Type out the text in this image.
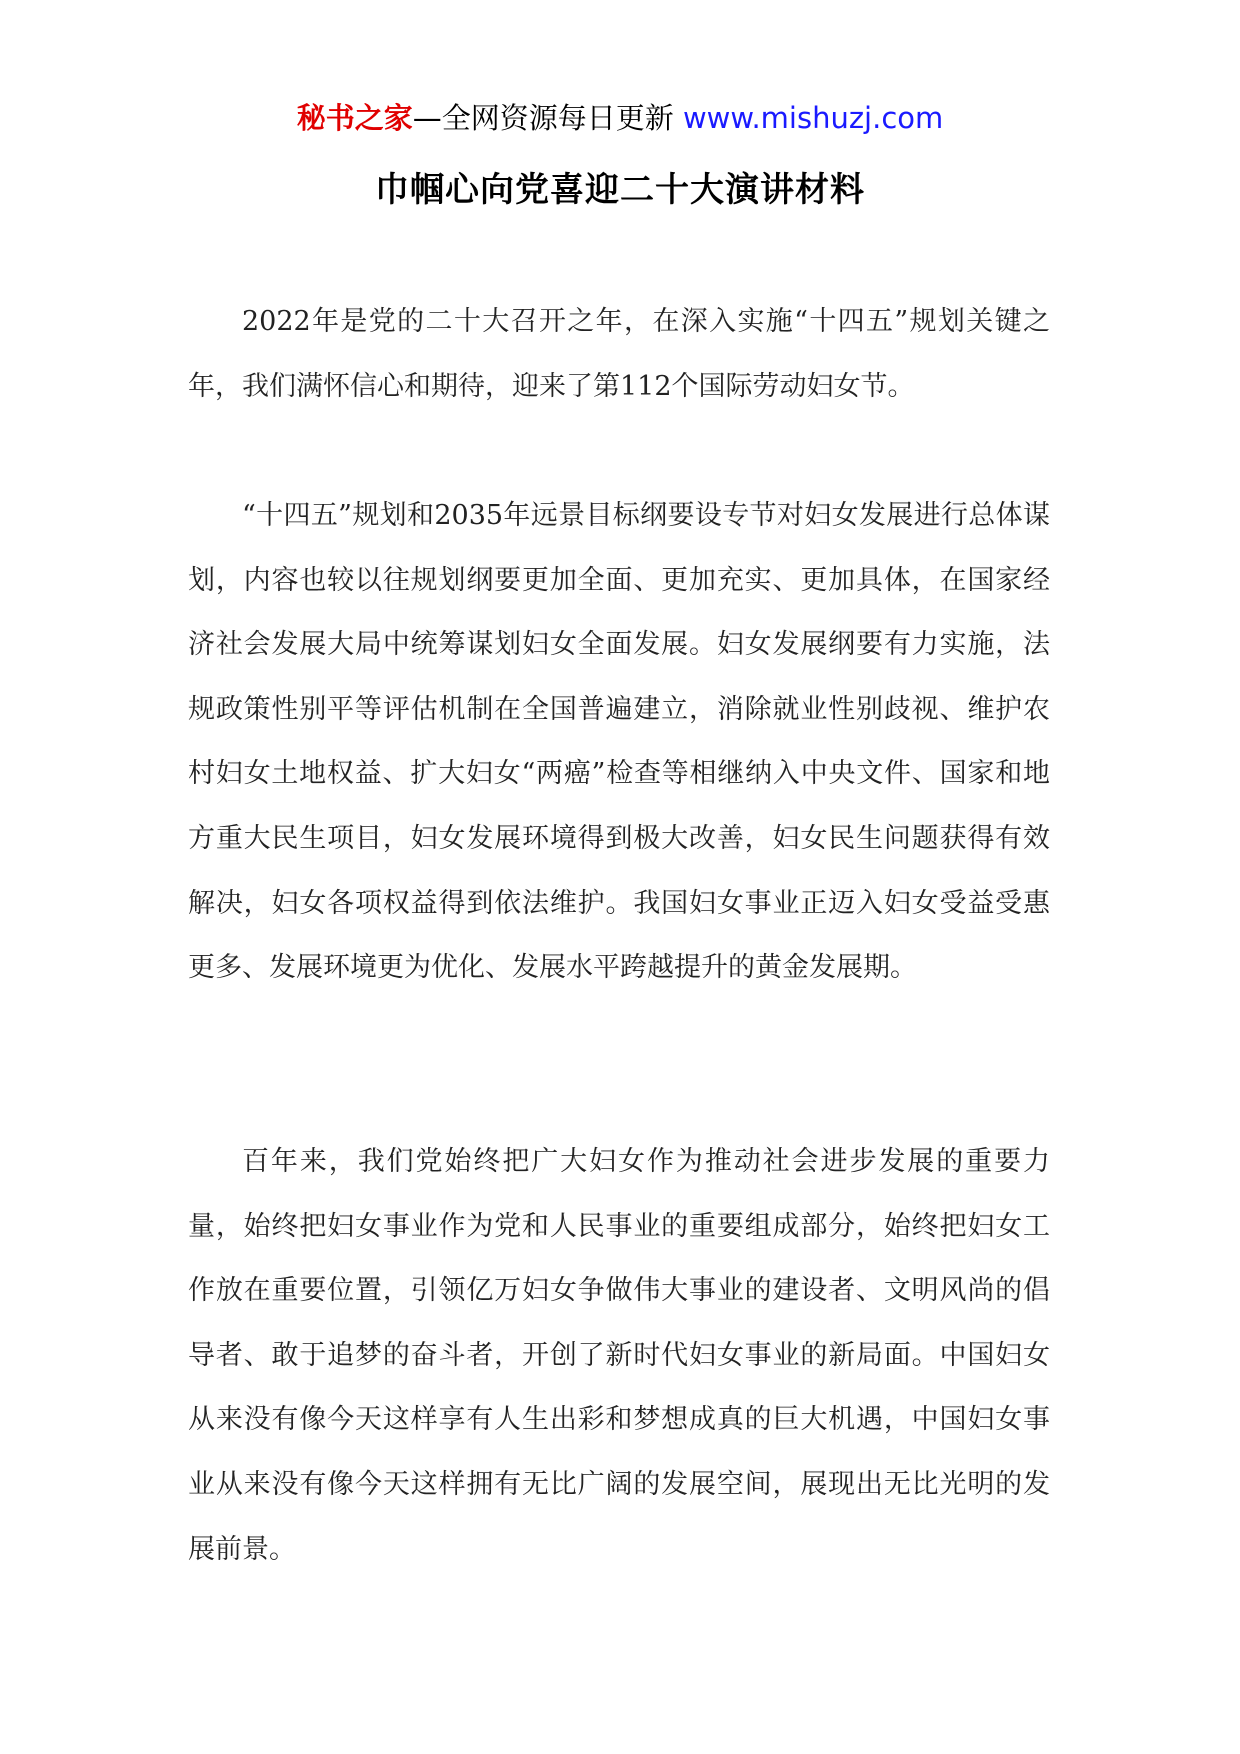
秘书之家—全网资源每日更新 www.mishuzj.com
巾帼心向党喜迎二十大演讲材料

2022年是党的二十大召开之年，在深入实施“十四五”规划关键之年，我们满怀信心和期待，迎来了第112个国际劳动妇女节。

“十四五”规划和2035年远景目标纲要设专节对妇女发展进行总体谋划，内容也较以往规划纲要更加全面、更加充实、更加具体，在国家经济社会发展大局中统筹谋划妇女全面发展。妇女发展纲要有力实施，法规政策性别平等评估机制在全国普遍建立，消除就业性别歧视、维护农村妇女土地权益、扩大妇女“两癌”检查等相继纳入中央文件、国家和地方重大民生项目，妇女发展环境得到极大改善，妇女民生问题获得有效解决，妇女各项权益得到依法维护。我国妇女事业正迈入妇女受益受惠更多、发展环境更为优化、发展水平跨越提升的黄金发展期。

百年来，我们党始终把广大妇女作为推动社会进步发展的重要力量，始终把妇女事业作为党和人民事业的重要组成部分，始终把妇女工作放在重要位置，引领亿万妇女争做伟大事业的建设者、文明风尚的倡导者、敢于追梦的奋斗者，开创了新时代妇女事业的新局面。中国妇女从来没有像今天这样享有人生出彩和梦想成真的巨大机遇，中国妇女事业从来没有像今天这样拥有无比广阔的发展空间，展现出无比光明的发展前景。
